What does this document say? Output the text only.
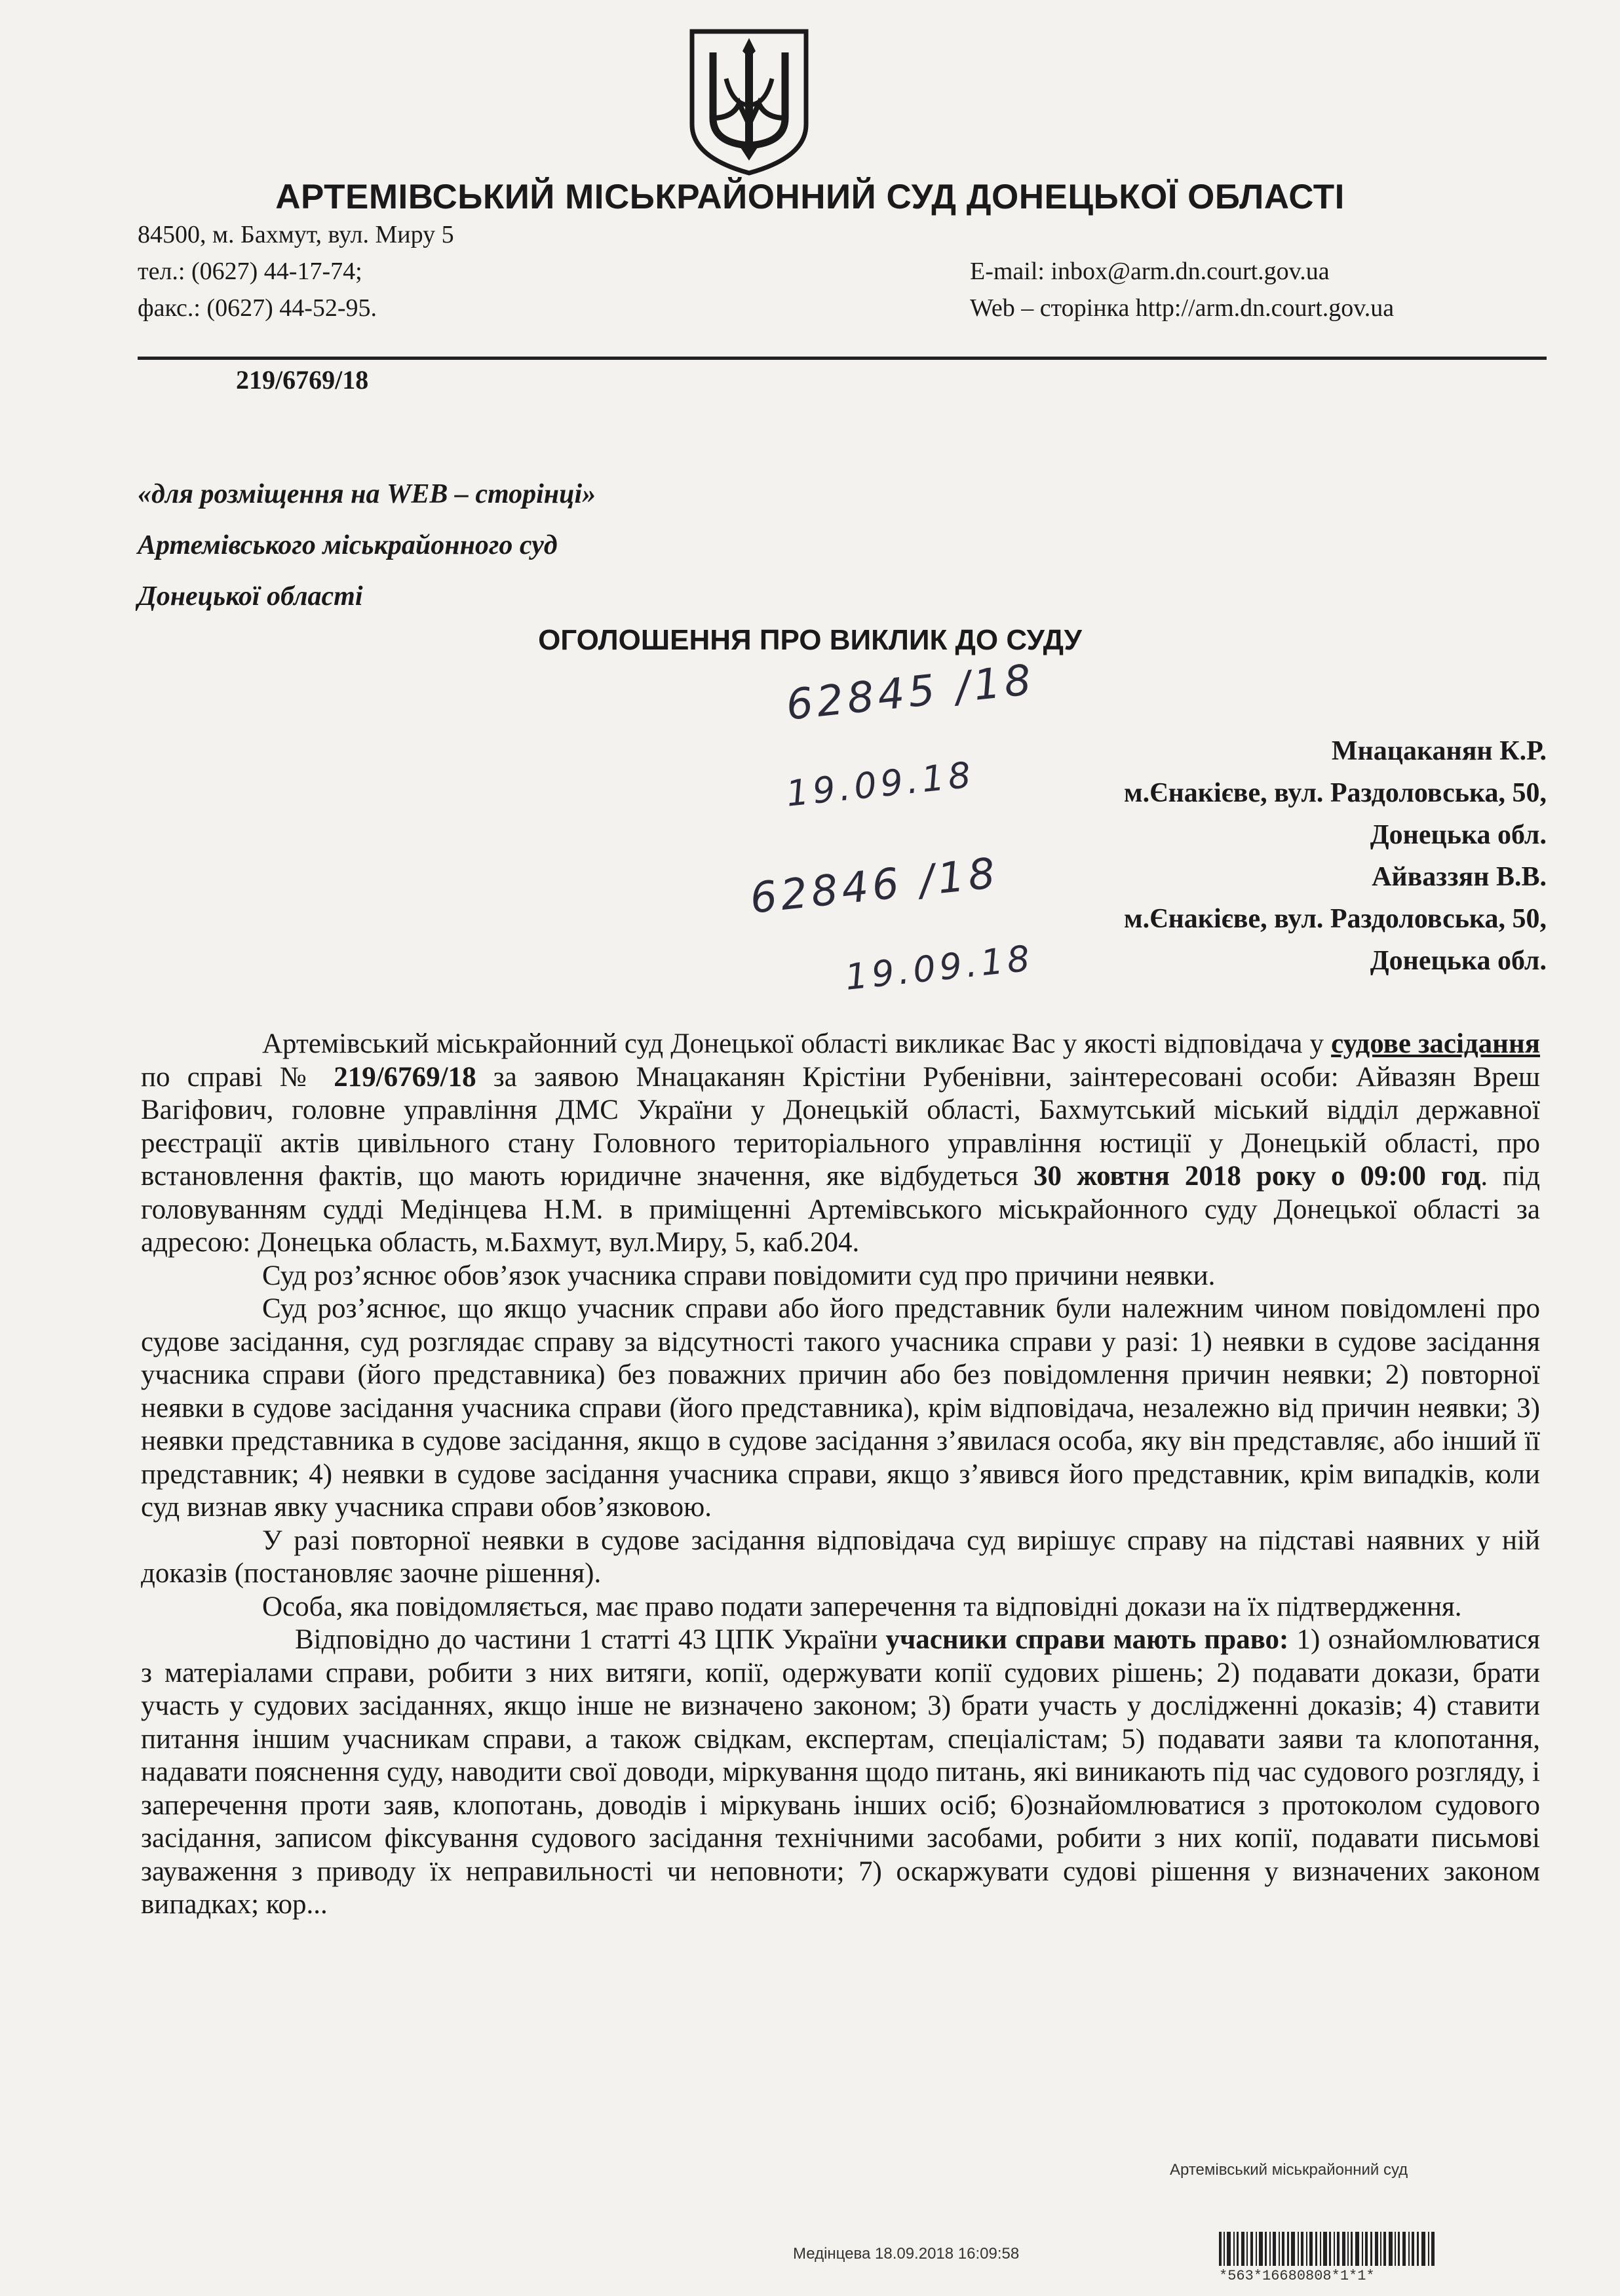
АРТЕМІВСЬКИЙ МІСЬКРАЙОННИЙ СУД ДОНЕЦЬКОЇ ОБЛАСТІ
84500, м. Бахмут, вул. Миру 5
тел.: (0627) 44-17-74;
факс.: (0627) 44-52-95.
E-mail: inbox@arm.dn.court.gov.ua
Web – сторінка http://arm.dn.court.gov.ua
219/6769/18
«для розміщення на WEB – сторінці»
Артемівського міськрайонного суд
Донецької області
ОГОЛОШЕННЯ ПРО ВИКЛИК ДО СУДУ
62845 /18
19.09.18
62846 /18
19.09.18
Мнацаканян К.Р.
м.Єнакієве, вул. Раздоловська, 50,
Донецька обл.
Айваззян В.В.
м.Єнакієве, вул. Раздоловська, 50,
Донецька обл.

Артемівський міськрайонний суд Донецької області викликає Вас у якості відповідача у судове засідання по справі № 219/6769/18 за заявою Мнацаканян Крістіни Рубенівни, заінтересовані особи: Айвазян Вреш Вагіфович, головне управління ДМС України у Донецькій області, Бахмутський міський відділ державної реєстрації актів цивільного стану Головного територіального управління юстиції у Донецькій області, про встановлення фактів, що мають юридичне значення, яке відбудеться 30 жовтня 2018 року о 09:00 год. під головуванням судді Медінцева Н.М. в приміщенні Артемівського міськрайонного суду Донецької області за адресою: Донецька область, м.Бахмут, вул.Миру, 5, каб.204.

Суд роз’яснює обов’язок учасника справи повідомити суд про причини неявки.

Суд роз’яснює, що якщо учасник справи або його представник були належним чином повідомлені про судове засідання, суд розглядає справу за відсутності такого учасника справи у разі: 1) неявки в судове засідання учасника справи (його представника) без поважних причин або без повідомлення причин неявки; 2) повторної неявки в судове засідання учасника справи (його представника), крім відповідача, незалежно від причин неявки; 3) неявки представника в судове засідання, якщо в судове засідання з’явилася особа, яку він представляє, або інший її представник; 4) неявки в судове засідання учасника справи, якщо з’явився його представник, крім випадків, коли суд визнав явку учасника справи обов’язковою.

У разі повторної неявки в судове засідання відповідача суд вирішує справу на підставі наявних у ній доказів (постановляє заочне рішення).

Особа, яка повідомляється, має право подати заперечення та відповідні докази на їх підтвердження.

Відповідно до частини 1 статті 43 ЦПК України учасники справи мають право: 1) ознайомлюватися з матеріалами справи, робити з них витяги, копії, одержувати копії судових рішень; 2) подавати докази, брати участь у судових засіданнях, якщо інше не визначено законом; 3) брати участь у дослідженні доказів; 4) ставити питання іншим учасникам справи, а також свідкам, експертам, спеціалістам; 5) подавати заяви та клопотання, надавати пояснення суду, наводити свої доводи, міркування щодо питань, які виникають під час судового розгляду, і заперечення проти заяв, клопотань, доводів і міркувань інших осіб; 6)ознайомлюватися з протоколом судового засідання, записом фіксування судового засідання технічними засобами, робити з них копії, подавати письмові зауваження з приводу їх неправильності чи неповноти; 7) оскаржувати судові рішення у визначених законом випадках; кор...

Артемівський міськрайонний суд
Медінцева 18.09.2018 16:09:58
*563*16680808*1*1*
